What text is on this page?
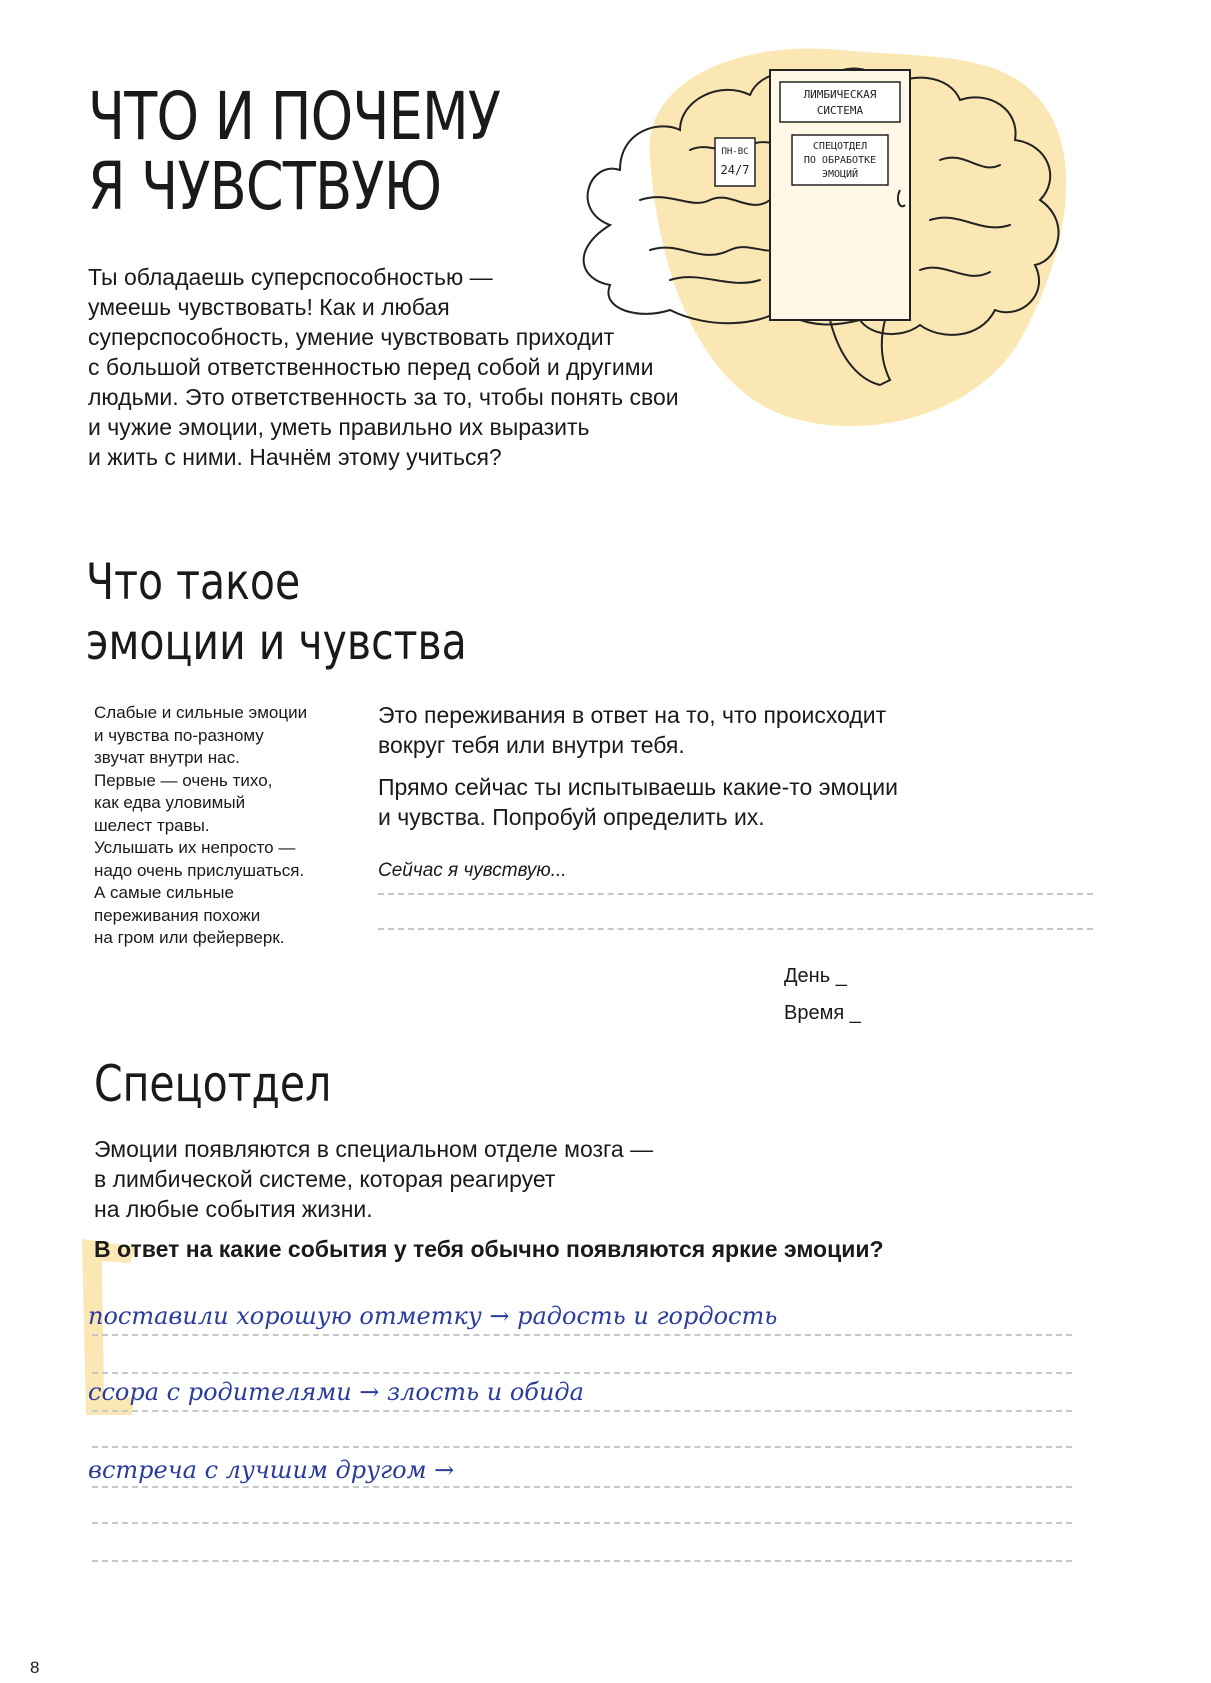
ЛИМБИЧЕСКАЯ
СИСТЕМА
СПЕЦОТДЕЛ
ПО ОБРАБОТКЕ
ЭМОЦИЙ
ПН-ВС
24/7
ЧТО И ПОЧЕМУ
Я ЧУВСТВУЮ

Ты обладаешь суперспособностью —
умеешь чувствовать! Как и любая
суперспособность, умение чувствовать приходит
с большой ответственностью перед собой и другими
людьми. Это ответственность за то, чтобы понять свои
и чужие эмоции, уметь правильно их выразить
и жить с ними. Начнём этому учиться?

Что такое
эмоции и чувства

Слабые и сильные эмоции
и чувства по-разному
звучат внутри нас.
Первые — очень тихо,
как едва уловимый
шелест травы.
Услышать их непросто —
надо очень прислушаться.
А самые сильные
переживания похожи
на гром или фейерверк.

Это переживания в ответ на то, что происходит
вокруг тебя или внутри тебя.

Прямо сейчас ты испытываешь какие-то эмоции
и чувства. Попробуй определить их.

Сейчас я чувствую...
День _
Время _
Спецотдел

Эмоции появляются в специальном отделе мозга —
в лимбической системе, которая реагирует
на любые события жизни.

В ответ на какие события у тебя обычно появляются яркие эмоции?
поставили хорошую отметку → радость и гордость
ссора с родителями → злость и обида
встреча с лучшим другом →
8
